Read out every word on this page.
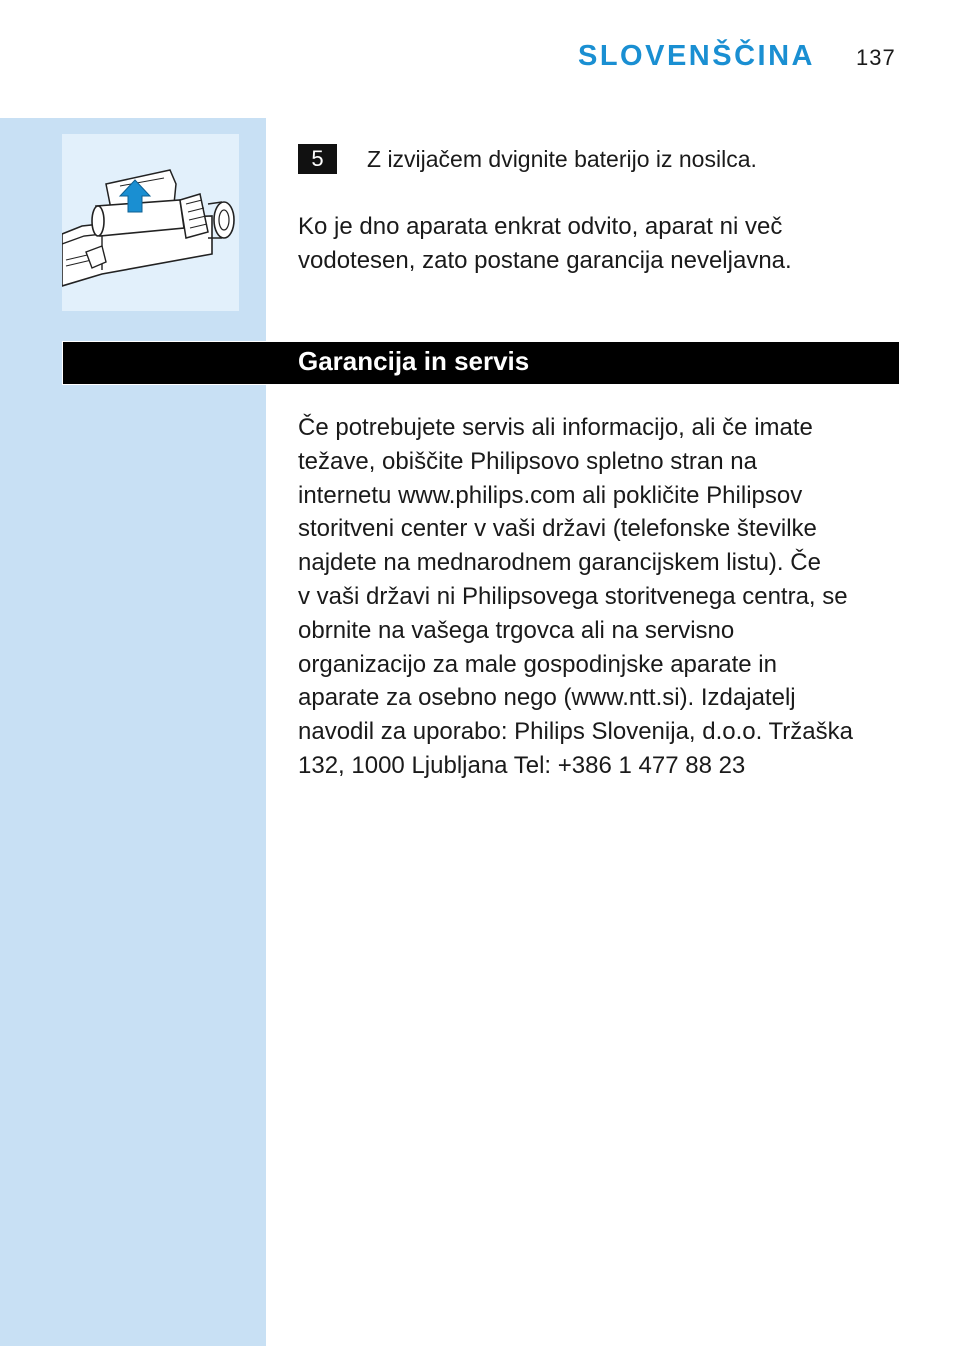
SLOVENŠČINA 137
5	Z izvijačem dvignite baterijo iz nosilca.
Ko je dno aparata enkrat odvito, aparat ni več
vodotesen, zato postane garancija neveljavna.
Garancija in servis
Če potrebujete servis ali informacijo, ali če imate
težave, obiščite Philipsovo spletno stran na
internetu www.philips.com ali pokličite Philipsov
storitveni center v vaši državi (telefonske številke
najdete na mednarodnem garancijskem listu). Če
v vaši državi ni Philipsovega storitvenega centra, se
obrnite na vašega trgovca ali na servisno
organizacijo za male gospodinjske aparate in
aparate za osebno nego (www.ntt.si). Izdajatelj
navodil za uporabo: Philips Slovenija, d.o.o. Tržaška
132, 1000 Ljubljana Tel: +386 1 477 88 23
